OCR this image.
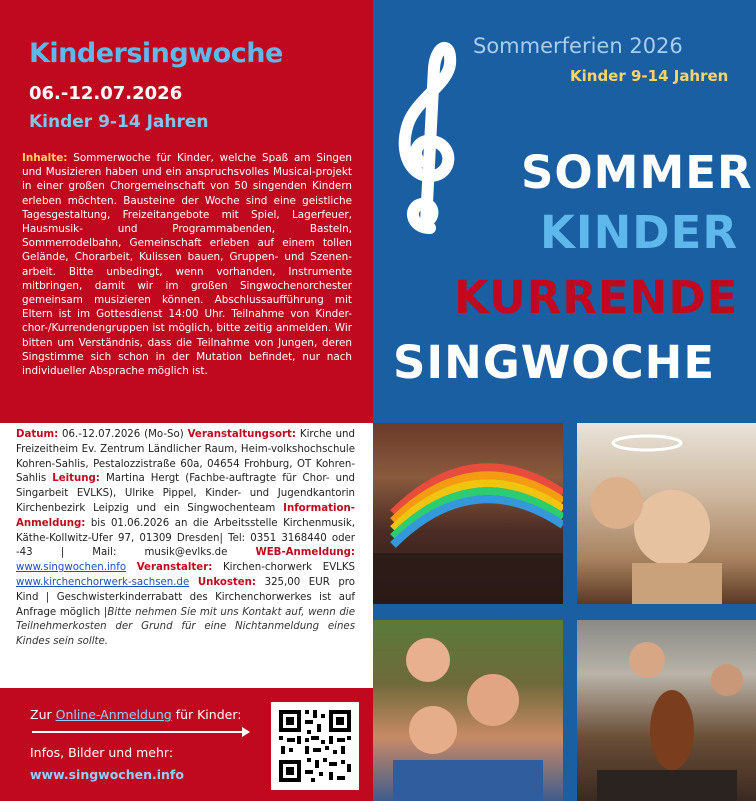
Kindersingwoche
06.-12.07.2026
Kinder 9-14 Jahren
Inhalte: Sommerwoche für Kinder, welche Spaß am Singen und Musizieren haben und ein anspruchsvolles Musical-projekt in einer großen Chorgemeinschaft von 50 singenden Kindern erleben möchten. Bausteine der Woche sind eine geistliche Tagesgestaltung, Freizeitangebote mit Spiel, Lagerfeuer, Hausmusik- und Programmabenden, Basteln, Sommerrodelbahn, Gemeinschaft erleben auf einem tollen Gelände, Chorarbeit, Kulissen bauen, Gruppen- und Szenen-arbeit. Bitte unbedingt, wenn vorhanden, Instrumente mitbringen, damit wir im großen Singwochenorchester gemeinsam musizieren können. Abschlussaufführung mit Eltern ist im Gottesdienst 14:00 Uhr. Teilnahme von Kinder-chor-/Kurrendengruppen ist möglich, bitte zeitig anmelden. Wir bitten um Verständnis, dass die Teilnahme von Jungen, deren Singstimme sich schon in der Mutation befindet, nur nach individueller Absprache möglich ist.
Datum: 06.-12.07.2026 (Mo-So) Veranstaltungsort: Kirche und Freizeitheim Ev. Zentrum Ländlicher Raum, Heim-volkshochschule Kohren-Sahlis, Pestalozzistraße 60a, 04654 Frohburg, OT Kohren-Sahlis Leitung: Martina Hergt (Fachbe-auftragte für Chor- und Singarbeit EVLKS), Ulrike Pippel, Kinder- und Jugendkantorin Kirchenbezirk Leipzig und ein Singwochenteam Information-Anmeldung: bis 01.06.2026 an die Arbeitsstelle Kirchenmusik, Käthe-Kollwitz-Ufer 97, 01309 Dresden| Tel: 0351 3168440 oder -43 | Mail: musik@evlks.de WEB-Anmeldung: www.singwochen.info Veranstalter: Kirchen-chorwerk EVLKS www.kirchenchorwerk-sachsen.de Unkosten: 325,00 EUR pro Kind | Geschwisterkinderrabatt des Kirchenchorwerkes ist auf Anfrage möglich |Bitte nehmen Sie mit uns Kontakt auf, wenn die Teilnehmerkosten der Grund für eine Nichtanmeldung eines Kindes sein sollte.
Zur Online-Anmeldung für Kinder:
Infos, Bilder und mehr:
www.singwochen.info
Sommerferien 2026
Kinder 9-14 Jahren
SOMMER
KINDER
KURRENDE
SINGWOCHE
